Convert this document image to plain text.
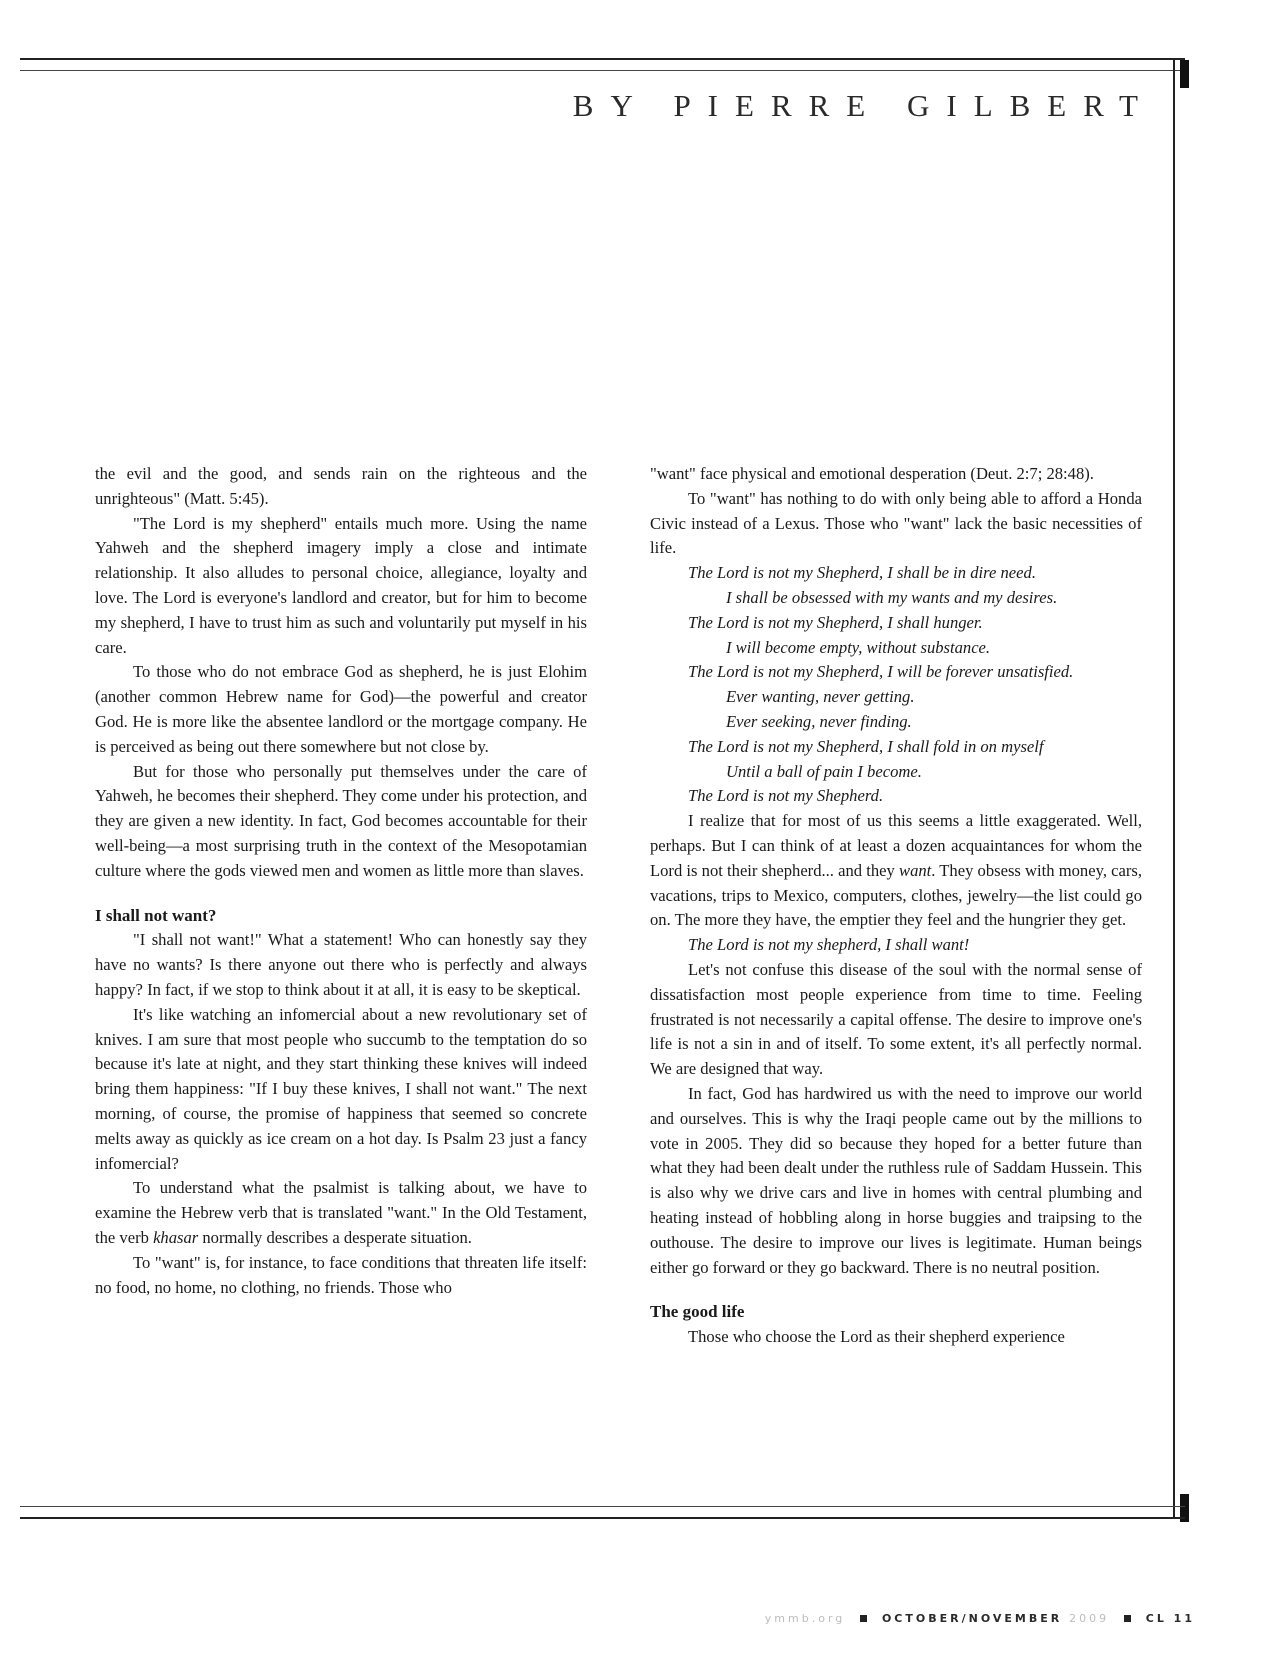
BY PIERRE GILBERT

the evil and the good, and sends rain on the righteous and the unrighteous" (Matt. 5:45).

"The Lord is my shepherd" entails much more. Using the name Yahweh and the shepherd imagery imply a close and intimate relationship. It also alludes to personal choice, allegiance, loyalty and love. The Lord is everyone's landlord and creator, but for him to become my shepherd, I have to trust him as such and voluntarily put myself in his care.

To those who do not embrace God as shepherd, he is just Elohim (another common Hebrew name for God)—the powerful and creator God. He is more like the absentee landlord or the mortgage company. He is perceived as being out there somewhere but not close by.

But for those who personally put themselves under the care of Yahweh, he becomes their shepherd. They come under his protection, and they are given a new identity. In fact, God becomes accountable for their well-being—a most surprising truth in the context of the Mesopotamian culture where the gods viewed men and women as little more than slaves.

I shall not want?

"I shall not want!" What a statement! Who can honestly say they have no wants? Is there anyone out there who is perfectly and always happy? In fact, if we stop to think about it at all, it is easy to be skeptical.

It's like watching an infomercial about a new revolutionary set of knives. I am sure that most people who succumb to the temptation do so because it's late at night, and they start thinking these knives will indeed bring them happiness: "If I buy these knives, I shall not want." The next morning, of course, the promise of happiness that seemed so concrete melts away as quickly as ice cream on a hot day. Is Psalm 23 just a fancy infomercial?

To understand what the psalmist is talking about, we have to examine the Hebrew verb that is translated "want." In the Old Testament, the verb khasar normally describes a desperate situation.

To "want" is, for instance, to face conditions that threaten life itself: no food, no home, no clothing, no friends. Those who

"want" face physical and emotional desperation (Deut. 2:7; 28:48).

To "want" has nothing to do with only being able to afford a Honda Civic instead of a Lexus. Those who "want" lack the basic necessities of life.

The Lord is not my Shepherd, I shall be in dire need.

I shall be obsessed with my wants and my desires.

The Lord is not my Shepherd, I shall hunger.

I will become empty, without substance.

The Lord is not my Shepherd, I will be forever unsatisfied.

Ever wanting, never getting.

Ever seeking, never finding.

The Lord is not my Shepherd, I shall fold in on myself

Until a ball of pain I become.

The Lord is not my Shepherd.

I realize that for most of us this seems a little exaggerated. Well, perhaps. But I can think of at least a dozen acquaintances for whom the Lord is not their shepherd... and they want. They obsess with money, cars, vacations, trips to Mexico, computers, clothes, jewelry—the list could go on. The more they have, the emptier they feel and the hungrier they get.

The Lord is not my shepherd, I shall want!

Let's not confuse this disease of the soul with the normal sense of dissatisfaction most people experience from time to time. Feeling frustrated is not necessarily a capital offense. The desire to improve one's life is not a sin in and of itself. To some extent, it's all perfectly normal. We are designed that way.

In fact, God has hardwired us with the need to improve our world and ourselves. This is why the Iraqi people came out by the millions to vote in 2005. They did so because they hoped for a better future than what they had been dealt under the ruthless rule of Saddam Hussein. This is also why we drive cars and live in homes with central plumbing and heating instead of hobbling along in horse buggies and traipsing to the outhouse. The desire to improve our lives is legitimate. Human beings either go forward or they go backward. There is no neutral position.

The good life

Those who choose the Lord as their shepherd experience

ymmb.org	OCTOBER/NOVEMBER 2009	CL 11
